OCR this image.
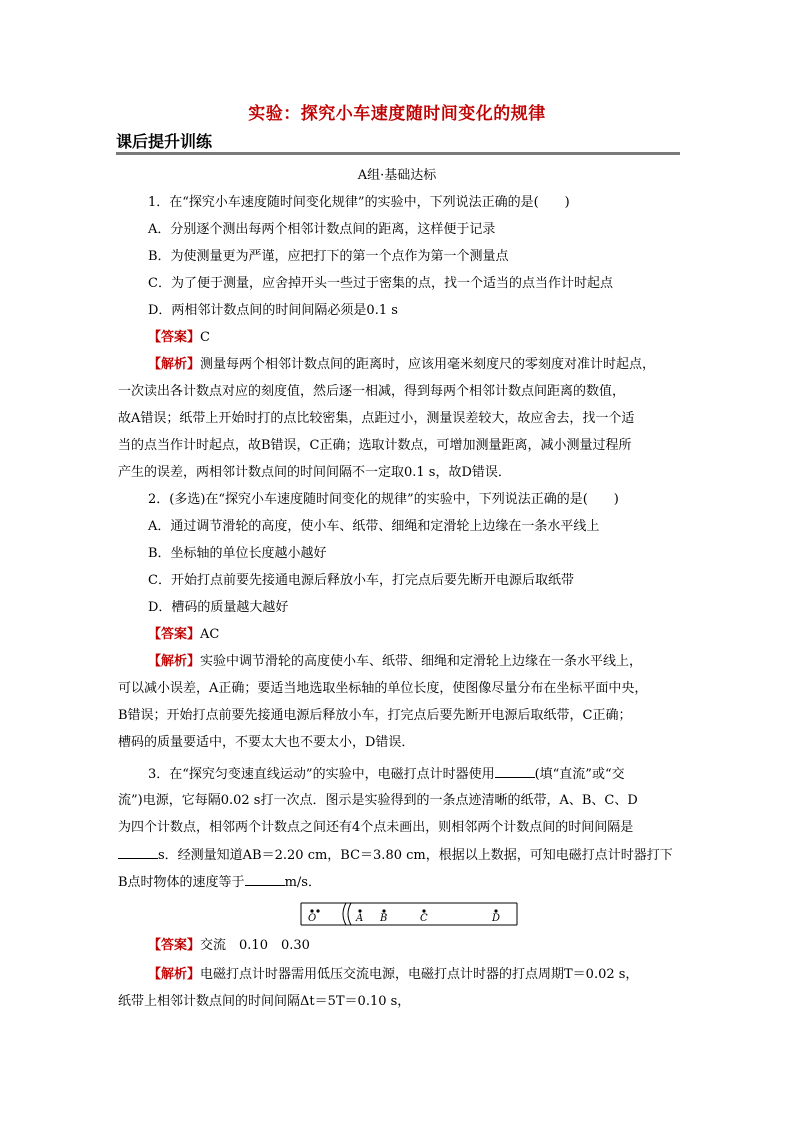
实验：探究小车速度随时间变化的规律
课后提升训练
A组·基础达标
1．在“探究小车速度随时间变化规律”的实验中，下列说法正确的是(　　)
A．分别逐个测出每两个相邻计数点间的距离，这样便于记录
B．为使测量更为严谨，应把打下的第一个点作为第一个测量点
C．为了便于测量，应舍掉开头一些过于密集的点，找一个适当的点当作计时起点
D．两相邻计数点间的时间间隔必须是0.1 s
【答案】C
【解析】测量每两个相邻计数点间的距离时，应该用毫米刻度尺的零刻度对准计时起点，
一次读出各计数点对应的刻度值，然后逐一相减，得到每两个相邻计数点间距离的数值，
故A错误；纸带上开始时打的点比较密集，点距过小，测量误差较大，故应舍去，找一个适
当的点当作计时起点，故B错误，C正确；选取计数点，可增加测量距离，减小测量过程所
产生的误差，两相邻计数点间的时间间隔不一定取0.1 s，故D错误．
2．(多选)在“探究小车速度随时间变化的规律”的实验中，下列说法正确的是(　　)
A．通过调节滑轮的高度，使小车、纸带、细绳和定滑轮上边缘在一条水平线上
B．坐标轴的单位长度越小越好
C．开始打点前要先接通电源后释放小车，打完点后要先断开电源后取纸带
D．槽码的质量越大越好
【答案】AC
【解析】实验中调节滑轮的高度使小车、纸带、细绳和定滑轮上边缘在一条水平线上，
可以减小误差，A正确；要适当地选取坐标轴的单位长度，使图像尽量分布在坐标平面中央，
B错误；开始打点前要先接通电源后释放小车，打完点后要先断开电源后取纸带，C正确；
槽码的质量要适中，不要太大也不要太小，D错误．
3．在“探究匀变速直线运动”的实验中，电磁打点计时器使用	(填“直流”或“交
流”)电源，它每隔0.02 s打一次点．图示是实验得到的一条点迹清晰的纸带，A、B、C、D
为四个计数点，相邻两个计数点之间还有4个点未画出，则相邻两个计数点间的时间间隔是
s．经测量知道AB＝2.20 cm，BC＝3.80 cm，根据以上数据，可知电磁打点计时器打下
B点时物体的速度等于	m/s．
O	A B	C	D
【答案】交流　0.10　0.30
【解析】电磁打点计时器需用低压交流电源，电磁打点计时器的打点周期T＝0.02 s，
纸带上相邻计数点间的时间间隔Δt＝5T＝0.10 s，
